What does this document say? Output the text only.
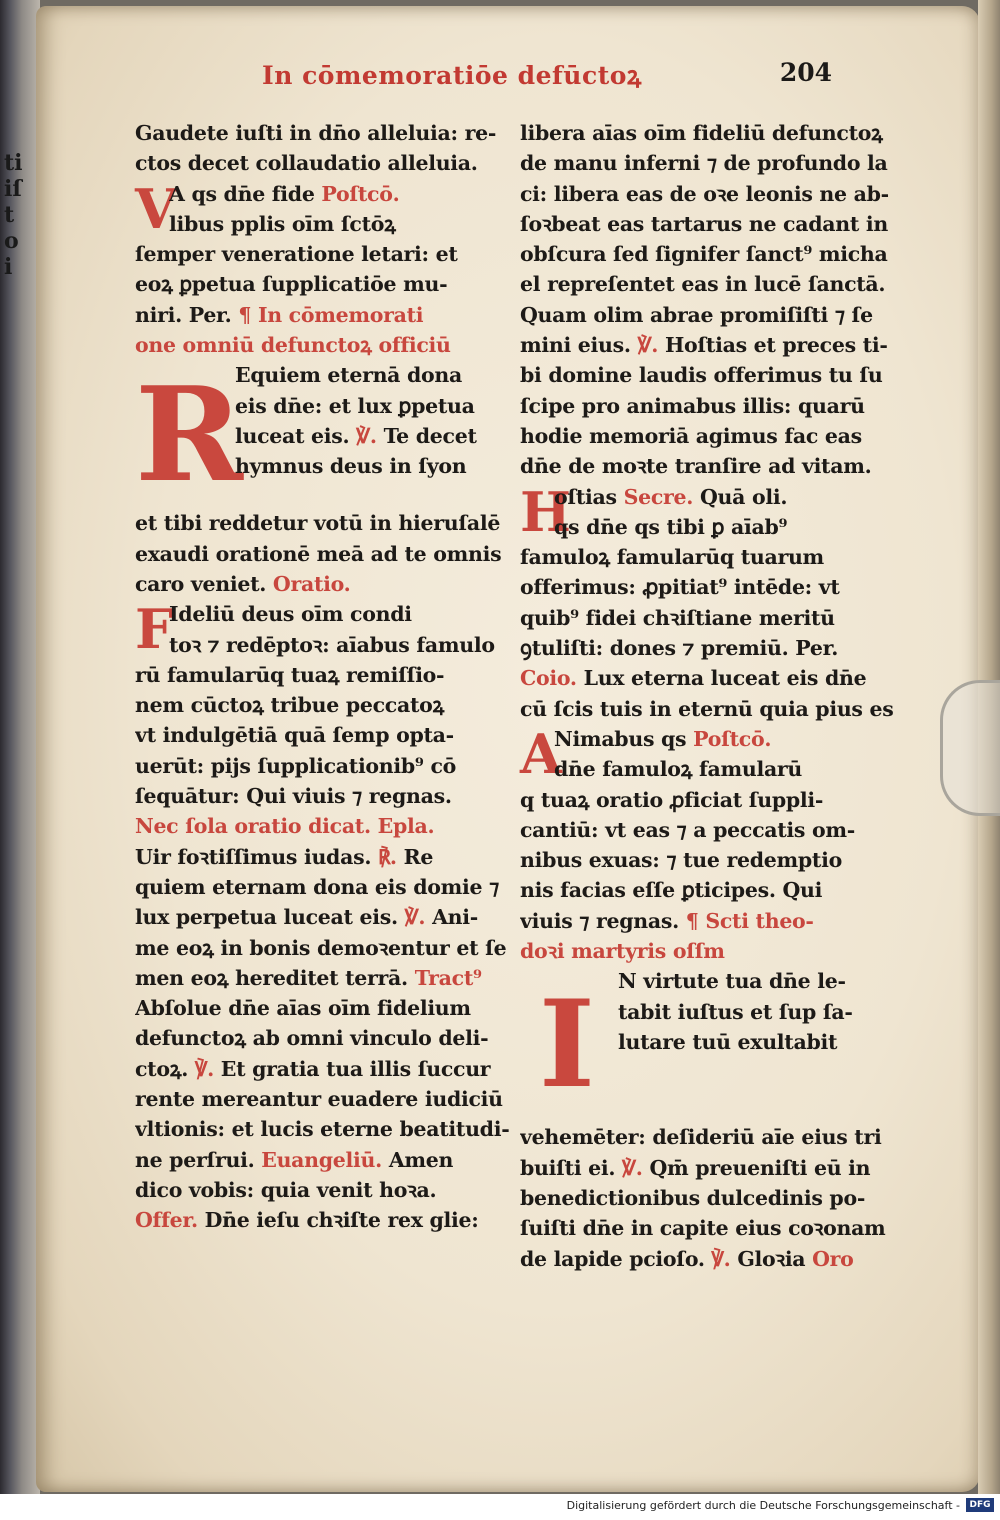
tiiſtoi
In cōmemoratiōe defūctoꝝ	204
Gaudete iuſti in dn̄o alleluia: re-
ctos decet collaudatio alleluia.
V
A qs dn̄e fide Poſtcō.
libus pplis oīm ſctōꝝ
ſemper veneratione letari: et
eoꝝ ꝑpetua ſupplicatiōe mu-
niri. Per. ¶ In cōmemorati
one omniū defunctoꝝ officiū
R
Equiem eternā dona
eis dn̄e: et lux ꝑpetua
luceat eis. ℣. Te decet
hymnus deus in ſyon
et tibi reddetur votū in hieruſalē
exaudi orationē meā ad te omnis
caro veniet. Oratio.
F
Ideliū deus oīm condi
toꝛ ⁊ redēptoꝛ: aīabus famulo
rū famularūq tuaꝝ remiſſio-
nem cūctoꝝ tribue peccatoꝝ
vt indulgētiā quā ſemp opta-
uerūt: pijs ſupplicationib⁹ cō
ſequātur: Qui viuis ⁊ regnas.
Nec ſola oratio dicat. Epla.
Uir foꝛtiſſimus iudas. ℟. Re
quiem eternam dona eis domie ⁊
lux perpetua luceat eis. ℣. Ani-
me eoꝝ in bonis demoꝛentur et ſe
men eoꝝ hereditet terrā. Tract⁹
Abſolue dn̄e aīas oīm fidelium
defunctoꝝ ab omni vinculo deli-
ctoꝝ. ℣. Et gratia tua illis ſuccur
rente mereantur euadere iudiciū
vltionis: et lucis eterne beatitudi-
ne perſrui. Euangeliū. Amen
dico vobis: quia venit hoꝛa.
Offer. Dn̄e ieſu chꝛiſte rex glie:
libera aīas oīm fideliū defunctoꝝ
de manu inferni ⁊ de profundo la
ci: libera eas de oꝛe leonis ne ab-
ſoꝛbeat eas tartarus ne cadant in
obſcura ſed ſignifer ſanct⁹ micha
el repreſentet eas in lucē ſanctā.
Quam olim abrae promiſiſti ⁊ ſe
mini eius. ℣. Hoſtias et preces ti-
bi domine laudis offerimus tu ſu
ſcipe pro animabus illis: quarū
hodie memoriā agimus fac eas
dn̄e de moꝛte tranſire ad vitam.
H
oſtias Secre. Quā oli.
qs dn̄e qs tibi ꝑ aīab⁹
famuloꝝ famularūq tuarum
offerimus: ꝓpitiat⁹ intēde: vt
quib⁹ fidei chꝛiſtiane meritū
ꝯtuliſti: dones ⁊ premiū. Per.
Coio. Lux eterna luceat eis dn̄e
cū ſcis tuis in eternū quia pius es
A
Nimabus qs Poſtcō.
dn̄e famuloꝝ famularū
q tuaꝝ oratio ꝓficiat ſuppli-
cantiū: vt eas ⁊ a peccatis om-
nibus exuas: ⁊ tue redemptio
nis facias eſſe ꝑticipes. Qui
viuis ⁊ regnas. ¶ Scti theo-
doꝛi martyris oſſm
I	N virtute tua dn̄e le-
tabit iuſtus et ſup ſa-
lutare tuū exultabit
vehemēter: deſideriū aīe eius tri
buiſti ei. ℣. Qm̄ preueniſti eū in
benedictionibus dulcedinis po-
ſuiſti dn̄e in capite eius coꝛonam
de lapide pcioſo. ℣. Gloꝛia Oro
Digitalisierung gefördert durch die Deutsche Forschungsgemeinschaft -	DFG
